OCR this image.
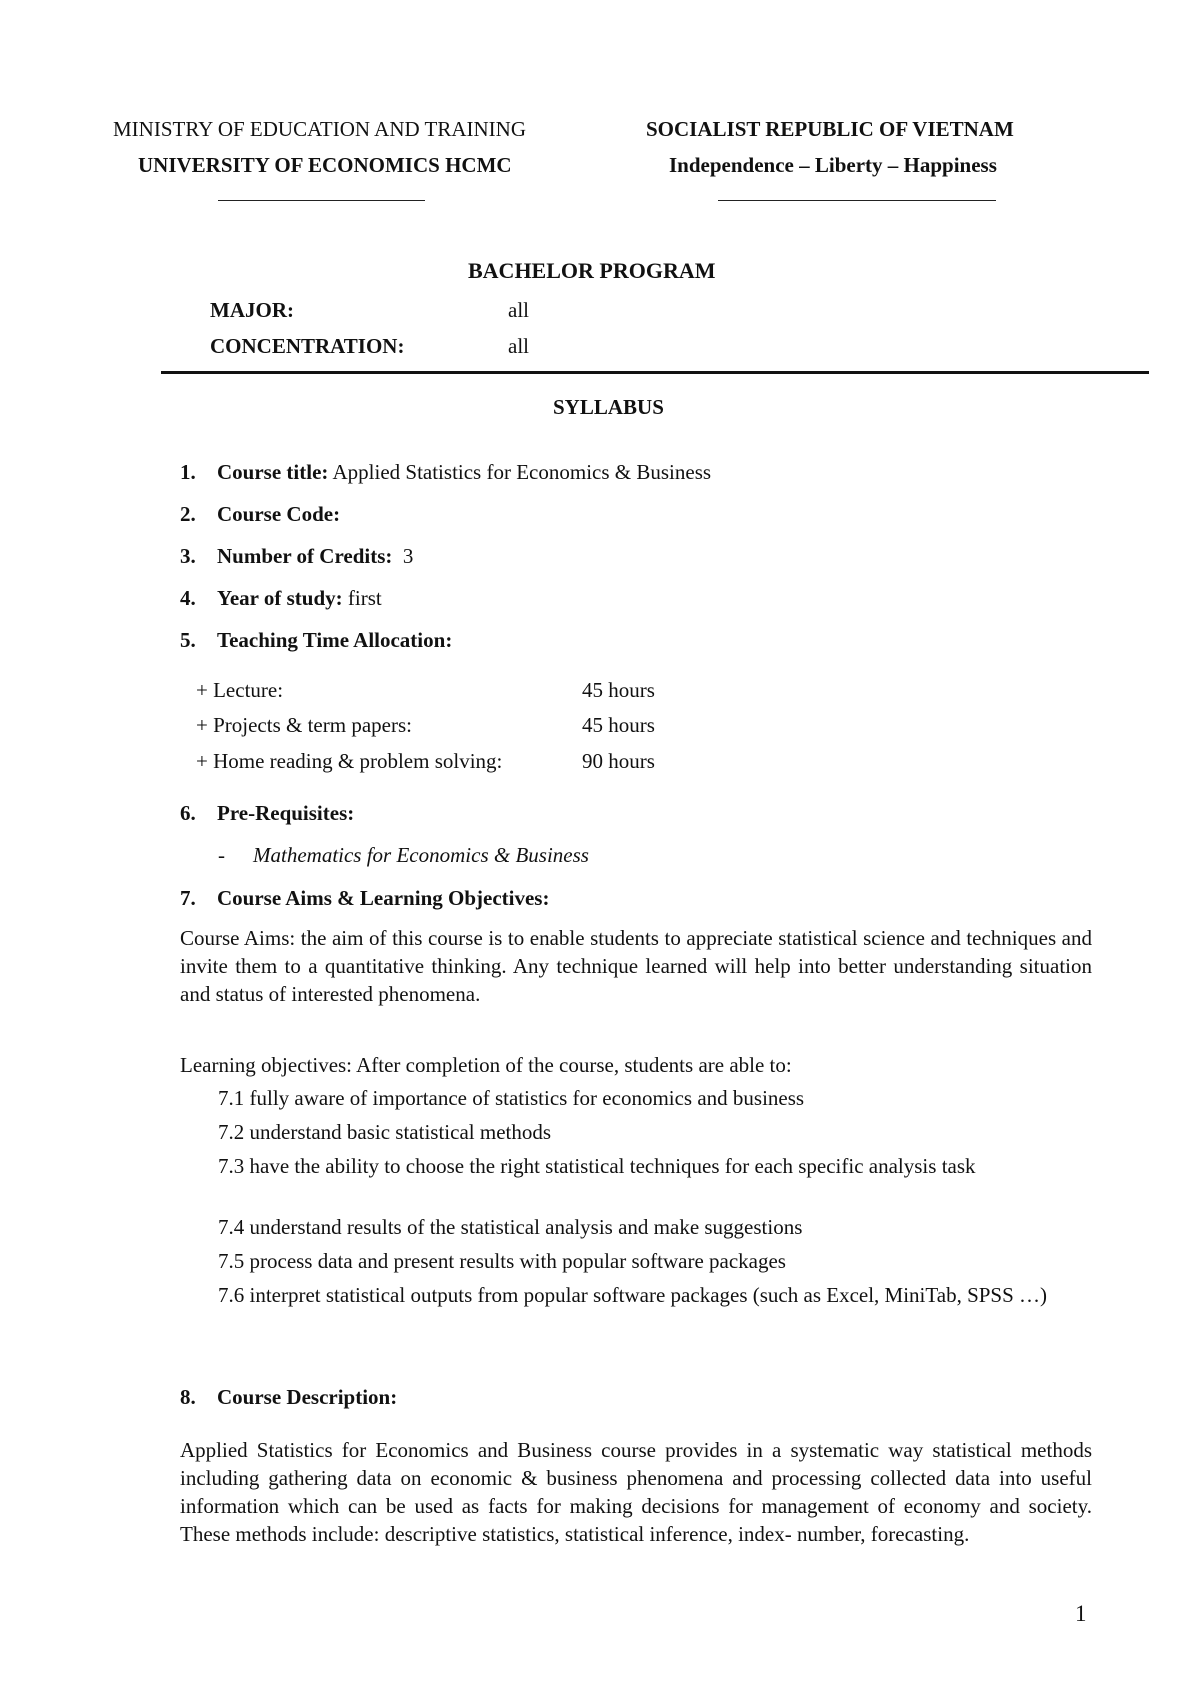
MINISTRY OF EDUCATION AND TRAINING
UNIVERSITY OF ECONOMICS HCMC
SOCIALIST REPUBLIC OF VIETNAM
Independence – Liberty – Happiness
BACHELOR PROGRAM
MAJOR:	all
CONCENTRATION:	all
SYLLABUS
1. Course title: Applied Statistics for Economics & Business
2. Course Code:
3. Number of Credits: 3
4. Year of study: first
5. Teaching Time Allocation:
+ Lecture:	45 hours
+ Projects & term papers:	45 hours
+ Home reading & problem solving:	90 hours
6. Pre-Requisites:
- Mathematics for Economics & Business
7. Course Aims & Learning Objectives:
Course Aims: the aim of this course is to enable students to appreciate statistical science and techniques and invite them to a quantitative thinking. Any technique learned will help into better understanding situation and status of interested phenomena.
Learning objectives: After completion of the course, students are able to:
7.1 fully aware of importance of statistics for economics and business
7.2 understand basic statistical methods
7.3 have the ability to choose the right statistical techniques for each specific analysis task
7.4 understand results of the statistical analysis and make suggestions
7.5 process data and present results with popular software packages
7.6 interpret statistical outputs from popular software packages (such as Excel, MiniTab, SPSS …)
8. Course Description:
Applied Statistics for Economics and Business course provides in a systematic way statistical methods including gathering data on economic & business phenomena and processing collected data into useful information which can be used as facts for making decisions for management of economy and society. These methods include: descriptive statistics, statistical inference, index- number, forecasting.
1
